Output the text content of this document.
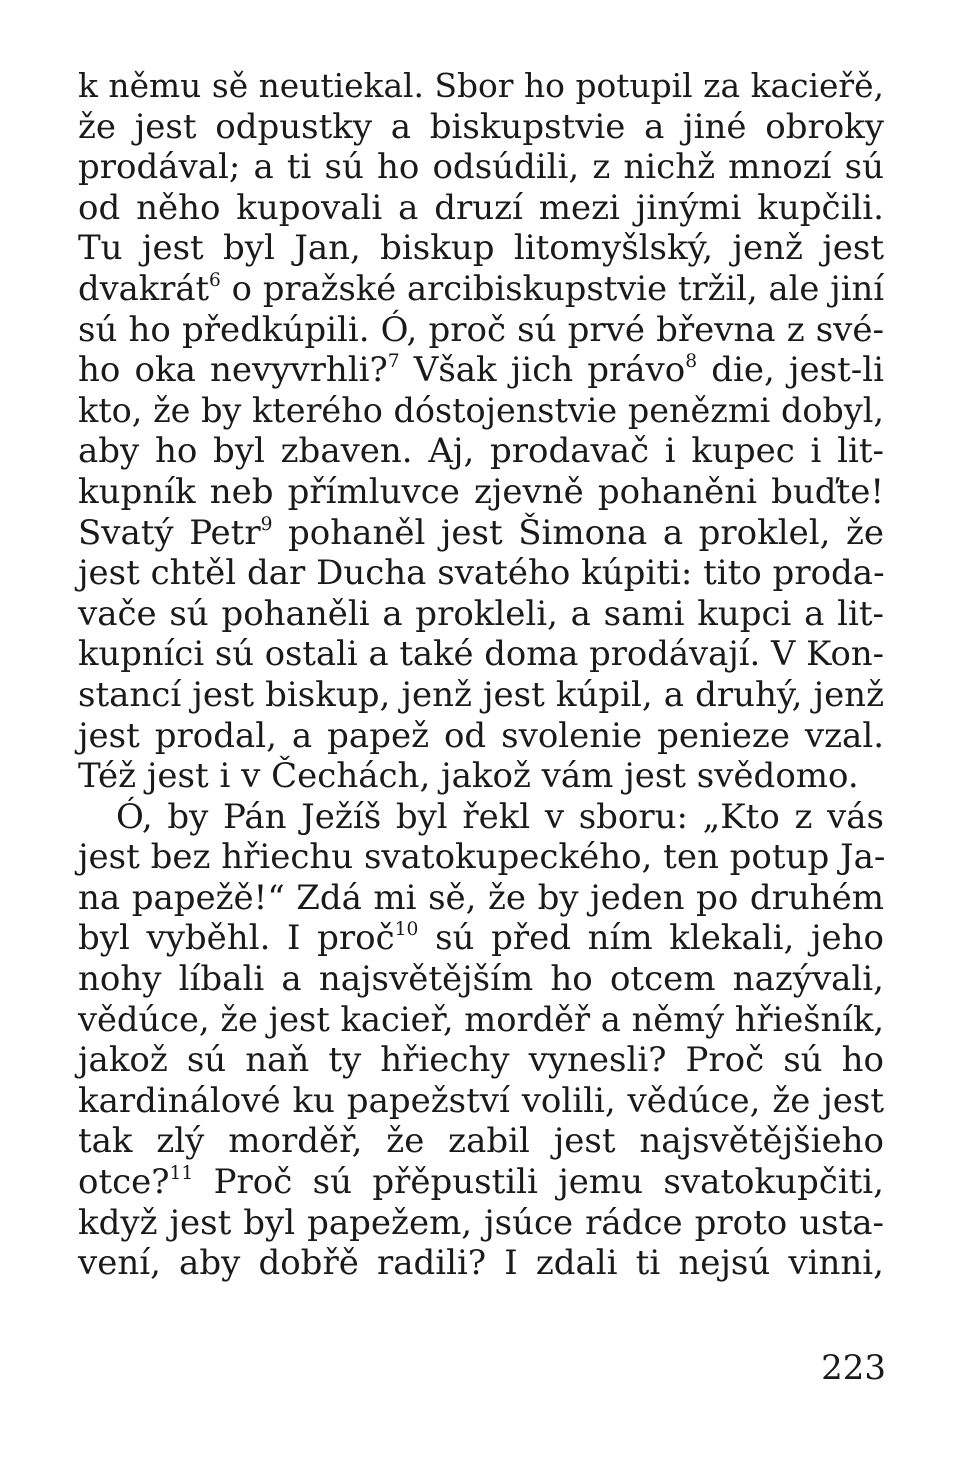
k němu sě neutiekal. Sbor ho potupil za kacieřě,
že jest odpustky a biskupstvie a jiné obroky
prodával; a ti sú ho odsúdili, z nichž mnozí sú
od něho kupovali a druzí mezi jinými kupčili.
Tu jest byl Jan, biskup litomyšlský, jenž jest
dvakrát$^6$ o pražské arcibiskupstvie tržil, ale jiní
sú ho předkúpili. Ó, proč sú prvé břevna z své-
ho oka nevyvrhli?$^7$ Však jich právo$^8$ die, jest-li
kto, že by kterého dóstojenstvie penězmi dobyl,
aby ho byl zbaven. Aj, prodavač i kupec i lit-
kupník neb přímluvce zjevně pohaněni buďte!
Svatý Petr$^9$ pohaněl jest Šimona a proklel, že
jest chtěl dar Ducha svatého kúpiti: tito proda-
vače sú pohaněli a prokleli, a sami kupci a lit-
kupníci sú ostali a také doma prodávají. V Kon-
stancí jest biskup, jenž jest kúpil, a druhý, jenž
jest prodal, a papež od svolenie penieze vzal.
Též jest i v Čechách, jakož vám jest svědomo.
Ó, by Pán Ježíš byl řekl v sboru: „Kto z vás
jest bez hřiechu svatokupeckého, ten potup Ja-
na papežě!“ Zdá mi sě, že by jeden po druhém
byl vyběhl. I proč$^{10}$ sú před ním klekali, jeho
nohy líbali a najsvětějším ho otcem nazývali,
vědúce, že jest kacieř, morděř a němý hřiešník,
jakož sú naň ty hřiechy vynesli? Proč sú ho
kardinálové ku papežství volili, vědúce, že jest
tak zlý morděř, že zabil jest najsvětějšieho
otce?$^{11}$ Proč sú přěpustili jemu svatokupčiti,
když jest byl papežem, jsúce rádce proto usta-
vení, aby dobřě radili? I zdali ti nejsú vinni,
223
